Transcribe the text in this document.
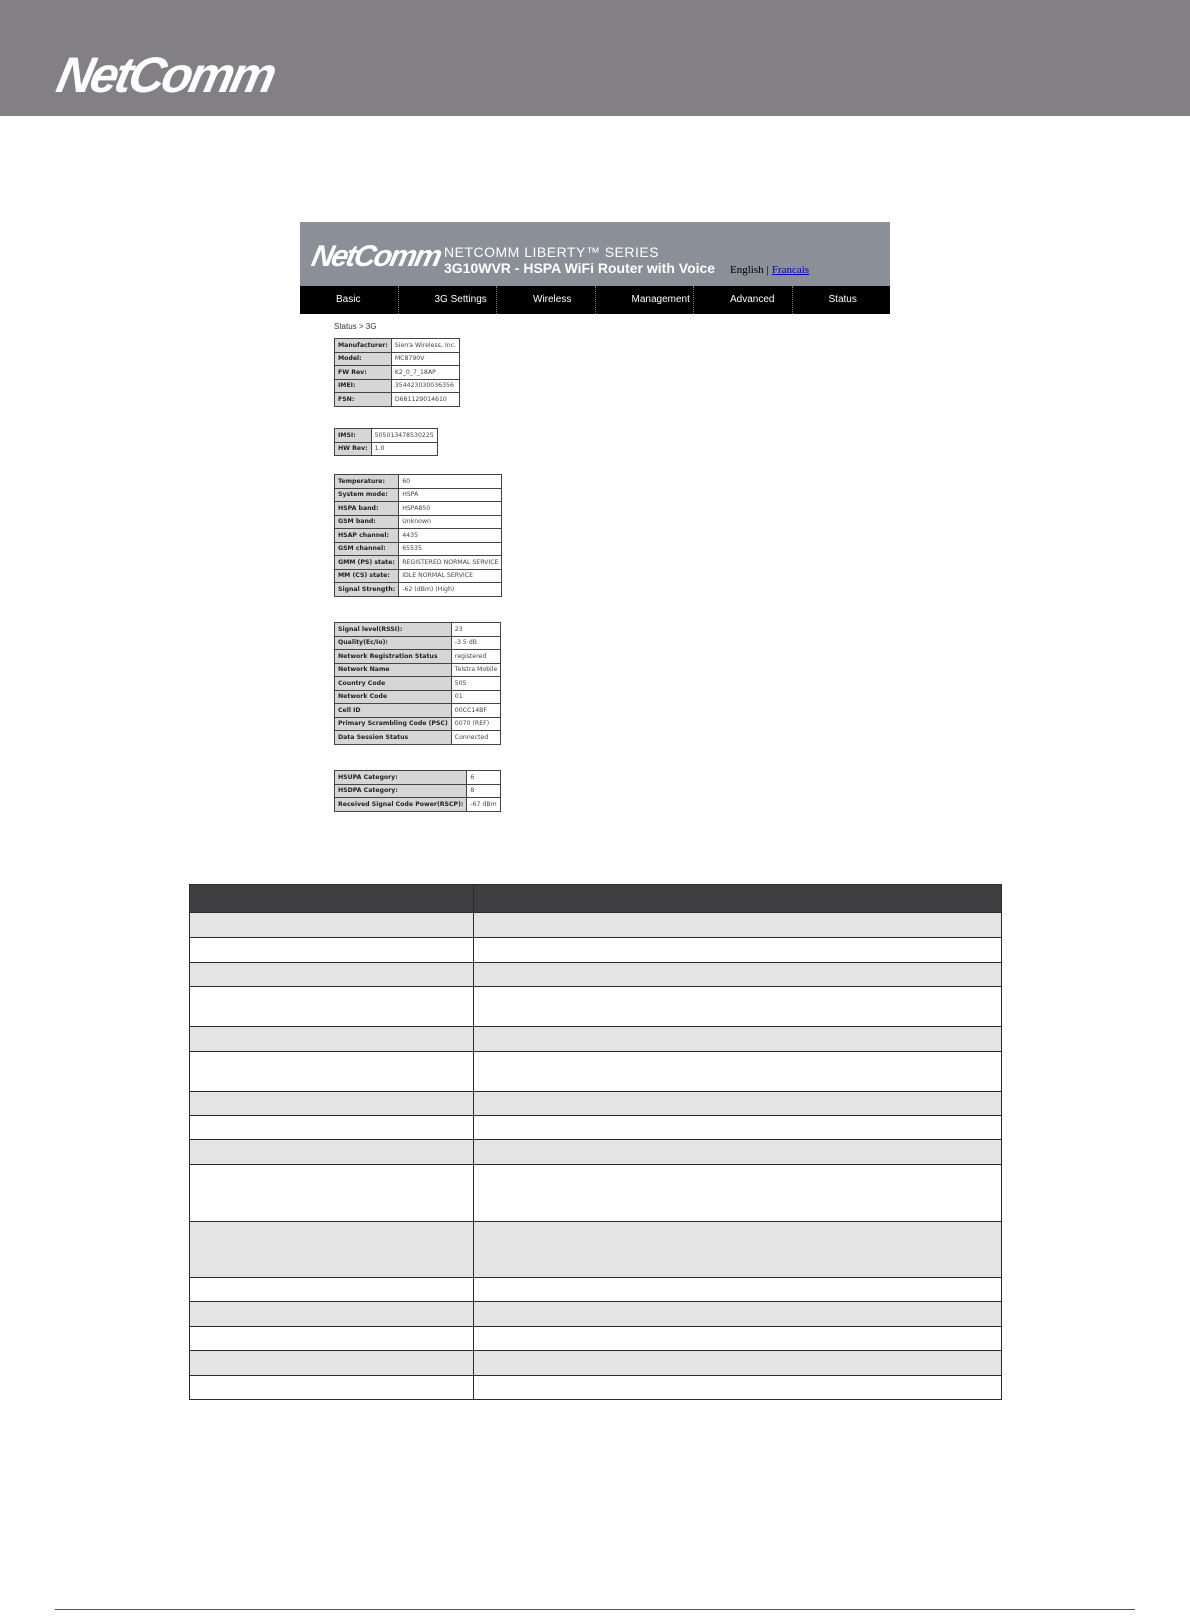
NetComm
NetComm NETCOMM LIBERTY™ SERIES
3G10WVR - HSPA WiFi Router with Voice English | Francais
Basic	3G Settings	Wireless	Management	Advanced	Status
Status > 3G
Manufacturer:	Sierra Wireless, Inc.
Model:	MC8790V
FW Rev:	K2_0_7_18AP
IMEI:	354423030036356
FSN:	D681129014610
IMSI:	505013478530225
HW Rev:	1.0
Temperature:	60
System mode:	HSPA
HSPA band:	HSPA850
GSM band:	Unknown
HSAP channel:	4435
GSM channel:	65535
GMM (PS) state:	REGISTERED NORMAL SERVICE
MM (CS) state:	IDLE NORMAL SERVICE
Signal Strength:	-62 (dBm) (High)
Signal level(RSSI):	23
Quality(Ec/Io):	-3.5 dB
Network Registration Status	registered
Network Name	Telstra Mobile
Country Code	505
Network Code	01
Cell ID	00CC14BF
Primary Scrambling Code (PSC)	0070 (REF)
Data Session Status	Connected
HSUPA Category:	6
HSDPA Category:	8
Received Signal Code Power(RSCP):	-67 dBm
